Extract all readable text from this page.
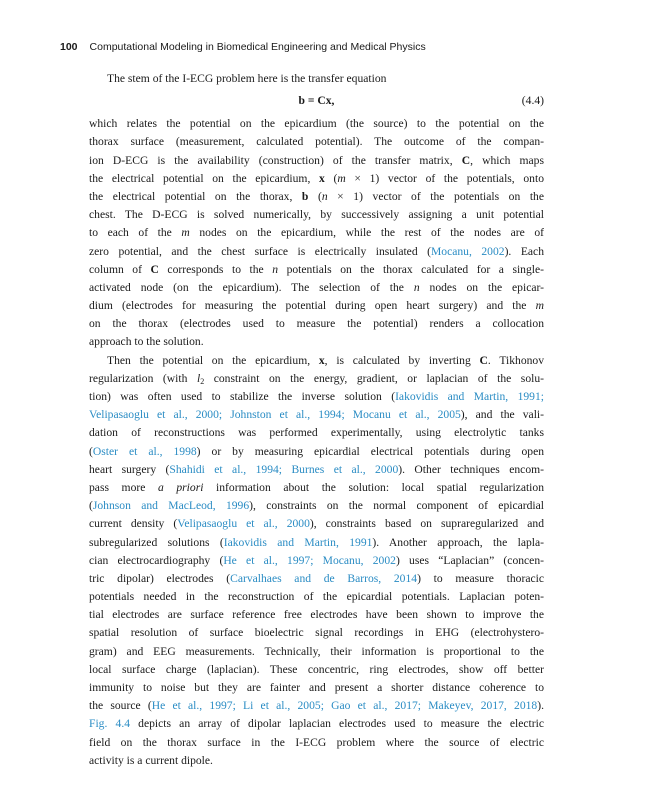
100 Computational Modeling in Biomedical Engineering and Medical Physics
The stem of the I-ECG problem here is the transfer equation
b = Cx,	(4.4)
which relates the potential on the epicardium (the source) to the potential on the
thorax surface (measurement, calculated potential). The outcome of the compan-
ion D-ECG is the availability (construction) of the transfer matrix, C, which maps
the electrical potential on the epicardium, x (m × 1) vector of the potentials, onto
the electrical potential on the thorax, b (n × 1) vector of the potentials on the
chest. The D-ECG is solved numerically, by successively assigning a unit potential
to each of the m nodes on the epicardium, while the rest of the nodes are of
zero potential, and the chest surface is electrically insulated (Mocanu, 2002). Each
column of C corresponds to the n potentials on the thorax calculated for a single-
activated node (on the epicardium). The selection of the n nodes on the epicar-
dium (electrodes for measuring the potential during open heart surgery) and the m
on the thorax (electrodes used to measure the potential) renders a collocation
approach to the solution.
Then the potential on the epicardium, x, is calculated by inverting C. Tikhonov
regularization (with $l_2$ constraint on the energy, gradient, or laplacian of the solu-
tion) was often used to stabilize the inverse solution (Iakovidis and Martin, 1991;
Velipasaoglu et al., 2000; Johnston et al., 1994; Mocanu et al., 2005), and the vali-
dation of reconstructions was performed experimentally, using electrolytic tanks
(Oster et al., 1998) or by measuring epicardial electrical potentials during open
heart surgery (Shahidi et al., 1994; Burnes et al., 2000). Other techniques encom-
pass more a priori information about the solution: local spatial regularization
(Johnson and MacLeod, 1996), constraints on the normal component of epicardial
current density (Velipasaoglu et al., 2000), constraints based on supraregularized and
subregularized solutions (Iakovidis and Martin, 1991). Another approach, the lapla-
cian electrocardiography (He et al., 1997; Mocanu, 2002) uses “Laplacian” (concen-
tric dipolar) electrodes (Carvalhaes and de Barros, 2014) to measure thoracic
potentials needed in the reconstruction of the epicardial potentials. Laplacian poten-
tial electrodes are surface reference free electrodes have been shown to improve the
spatial resolution of surface bioelectric signal recordings in EHG (electrohystero-
gram) and EEG measurements. Technically, their information is proportional to the
local surface charge (laplacian). These concentric, ring electrodes, show off better
immunity to noise but they are fainter and present a shorter distance coherence to
the source (He et al., 1997; Li et al., 2005; Gao et al., 2017; Makeyev, 2017, 2018).
Fig. 4.4 depicts an array of dipolar laplacian electrodes used to measure the electric
field on the thorax surface in the I-ECG problem where the source of electric
activity is a current dipole.
